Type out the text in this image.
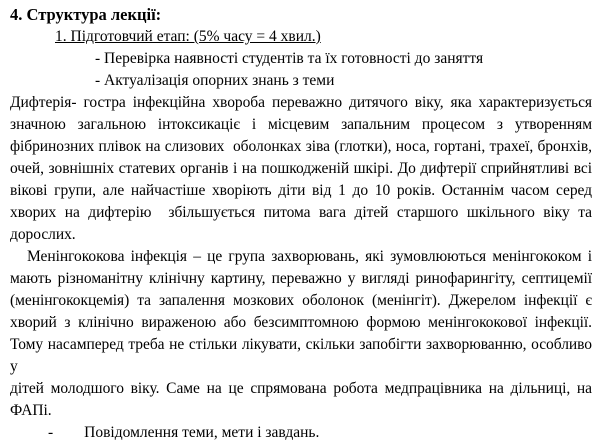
4. Структура лекції:
1. Підготовчий етап: (5% часу = 4 хвил.)
- Перевірка наявності студентів та їх готовності до заняття
- Актуалізація опорних знань з теми
Дифтерія- гостра інфекційна хвороба переважно дитячого віку, яка характеризується
значною загальною інтоксикаціє і місцевим запальним процесом з утворенням
фібринозних плівок на слизових  оболонках зіва (глотки), носа, гортані, трахеї, бронхів,
очей, зовнішніх статевих органів і на пошкодженій шкірі. До дифтерії сприйнятливі всі
вікові групи, але найчастіше хворіють діти від 1 до 10 років. Останнім часом серед
хворих на дифтерію  збільшується питома вага дітей старшого шкільного віку та
дорослих.
Менінгококова інфекція – це група захворювань, які зумовлюються менінгококом і
мають різноманітну клінічну картину, переважно у вигляді ринофарингіту, септицемії
(менінгококцемія) та запалення мозкових оболонок (менінгіт). Джерелом інфекції є
хворий з клінічно вираженою або безсимптомною формою менінгококової інфекції.
Тому насамперед треба не стільки лікувати, скільки запобігти захворюванню, особливо у
дітей молодшого віку. Саме на це спрямована робота медпрацівника на дільниці, на
ФАПі.
- Повідомлення теми, мети і завдань.
